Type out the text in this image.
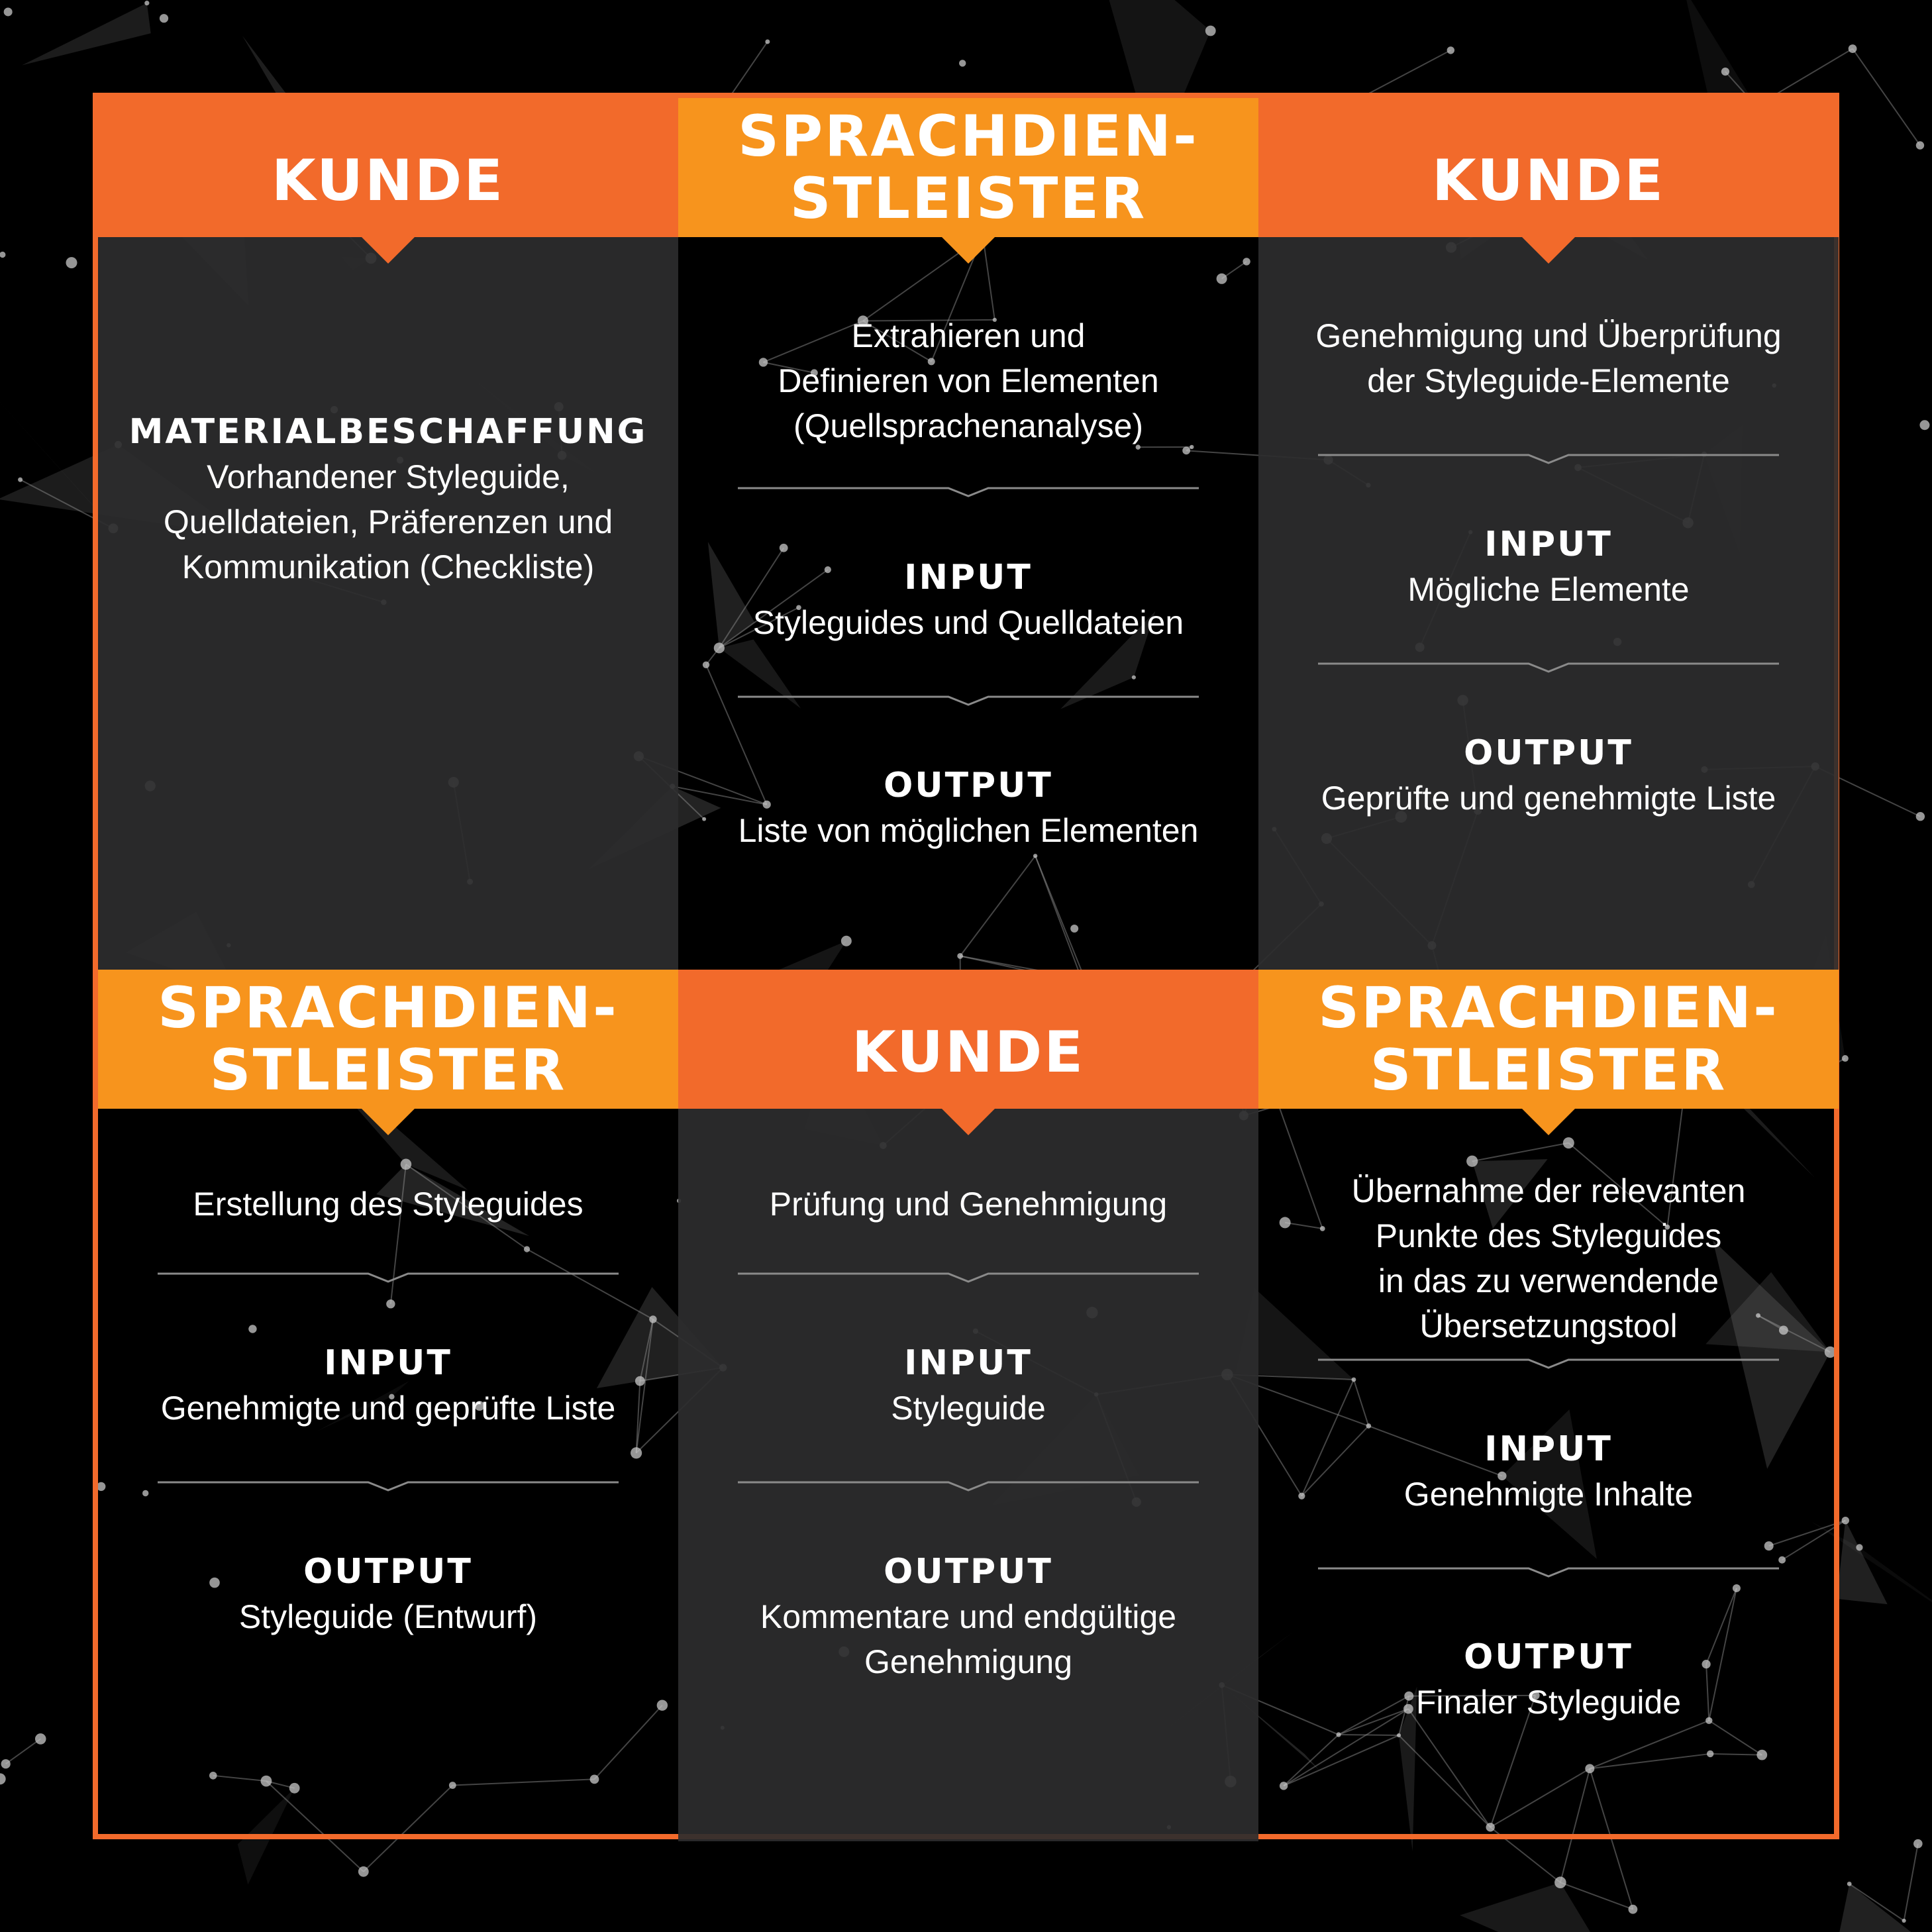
KUNDE
MATERIALBESCHAFFUNG
Vorhandener Styleguide,
Quelldateien, Präferenzen und
Kommunikation (Checkliste)
SPRACHDIEN-
STLEISTER
Extrahieren und
Definieren von Elementen
(Quellsprachenanalyse)
INPUT
Styleguides und Quelldateien
OUTPUT
Liste von möglichen Elementen
KUNDE
Genehmigung und Überprüfung
der Styleguide-Elemente
INPUT
Mögliche Elemente
OUTPUT
Geprüfte und genehmigte Liste
SPRACHDIEN-
STLEISTER
Erstellung des Styleguides
INPUT
Genehmigte und geprüfte Liste
OUTPUT
Styleguide (Entwurf)
KUNDE
Prüfung und Genehmigung
INPUT
Styleguide
OUTPUT
Kommentare und endgültige
Genehmigung
SPRACHDIEN-
STLEISTER
Übernahme der relevanten
Punkte des Styleguides
in das zu verwendende
Übersetzungstool
INPUT
Genehmigte Inhalte
OUTPUT
Finaler Styleguide
